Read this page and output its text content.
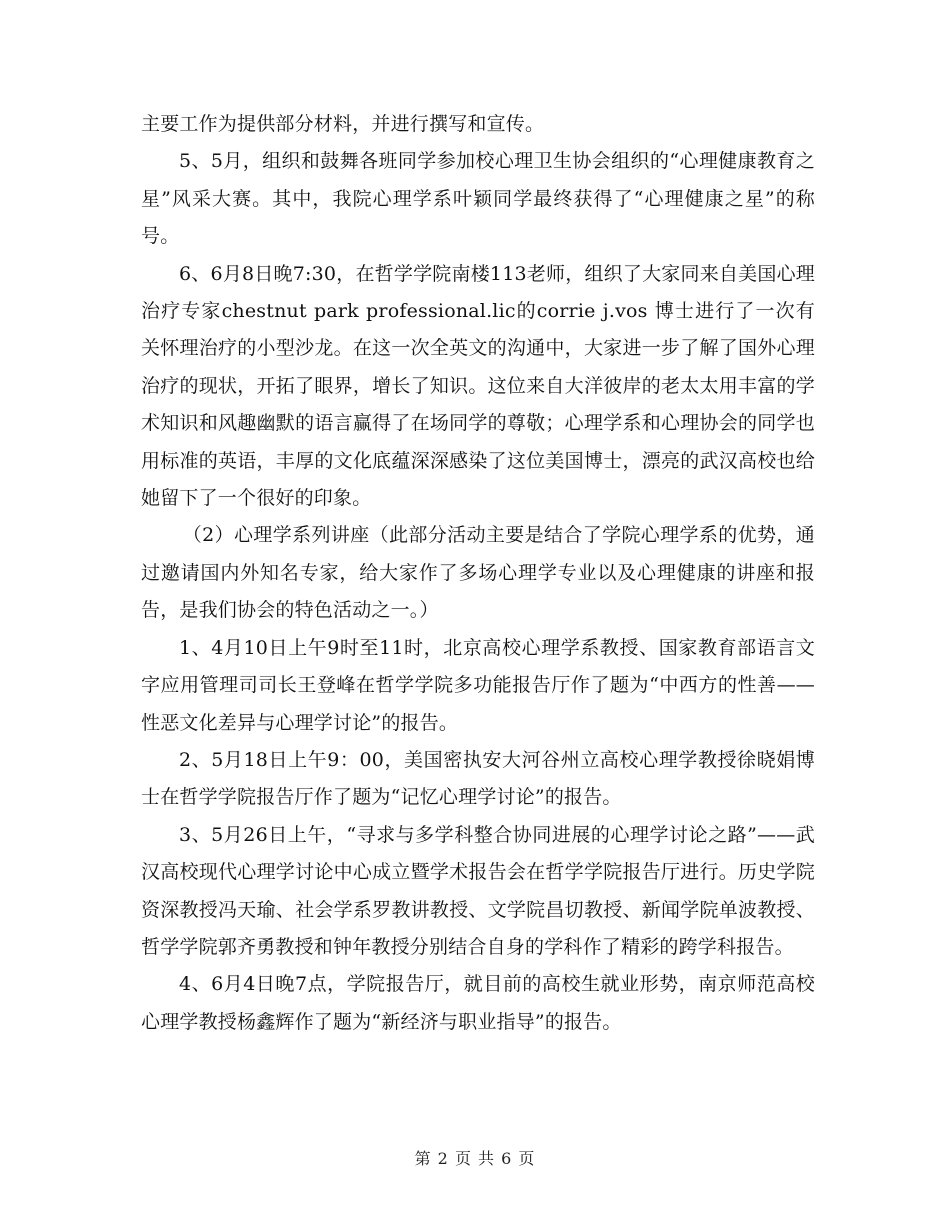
主要工作为提供部分材料，并进行撰写和宣传。

5、5月，组织和鼓舞各班同学参加校心理卫生协会组织的“心理健康教育之星”风采大赛。其中，我院心理学系叶颖同学最终获得了“心理健康之星”的称号。

6、6月8日晚7:30，在哲学学院南楼113老师，组织了大家同来自美国心理治疗专家chestnut park professional.lic的corrie j.vos 博士进行了一次有关怀理治疗的小型沙龙。在这一次全英文的沟通中，大家进一步了解了国外心理治疗的现状，开拓了眼界，增长了知识。这位来自大洋彼岸的老太太用丰富的学术知识和风趣幽默的语言赢得了在场同学的尊敬；心理学系和心理协会的同学也用标准的英语，丰厚的文化底蕴深深感染了这位美国博士，漂亮的武汉高校也给她留下了一个很好的印象。

（2）心理学系列讲座（此部分活动主要是结合了学院心理学系的优势，通过邀请国内外知名专家，给大家作了多场心理学专业以及心理健康的讲座和报告，是我们协会的特色活动之一。）

1、4月10日上午9时至11时，北京高校心理学系教授、国家教育部语言文字应用管理司司长王登峰在哲学学院多功能报告厅作了题为“中西方的性善——性恶文化差异与心理学讨论”的报告。

2、5月18日上午9：00，美国密执安大河谷州立高校心理学教授徐晓娟博士在哲学学院报告厅作了题为“记忆心理学讨论”的报告。

3、5月26日上午，“寻求与多学科整合协同进展的心理学讨论之路”——武汉高校现代心理学讨论中心成立暨学术报告会在哲学学院报告厅进行。历史学院资深教授冯天瑜、社会学系罗教讲教授、文学院昌切教授、新闻学院单波教授、哲学学院郭齐勇教授和钟年教授分别结合自身的学科作了精彩的跨学科报告。

4、6月4日晚7点，学院报告厅，就目前的高校生就业形势，南京师范高校心理学教授杨鑫辉作了题为“新经济与职业指导”的报告。

第 2 页 共 6 页
